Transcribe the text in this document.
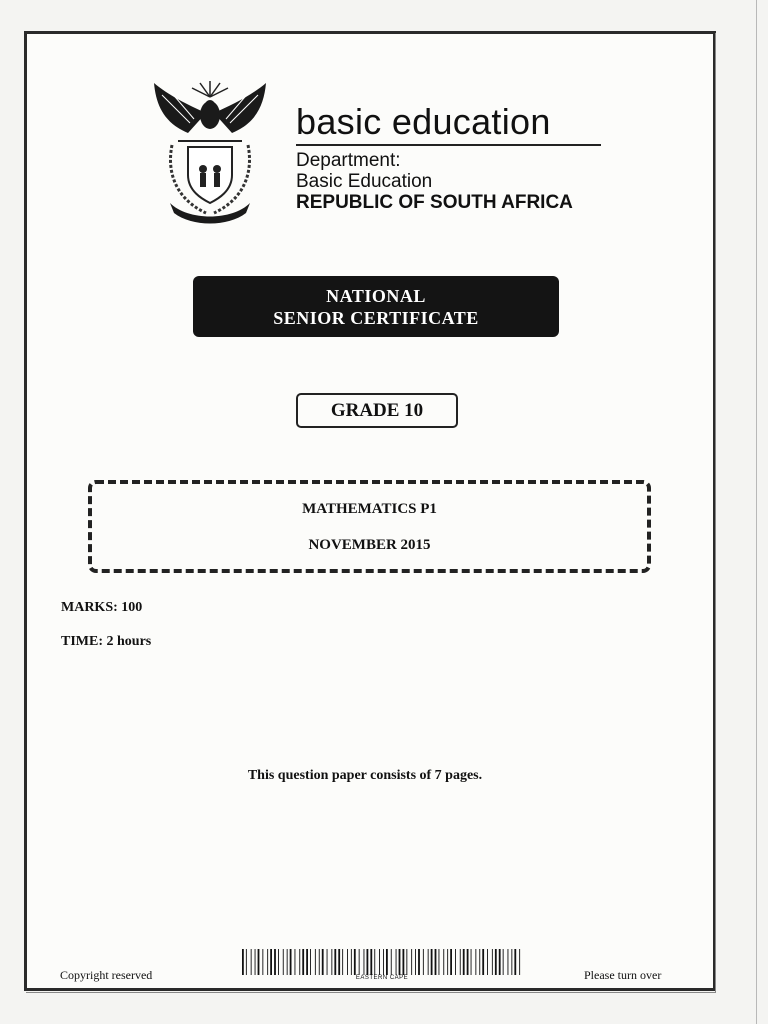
basic education
Department:
Basic Education
REPUBLIC OF SOUTH AFRICA
NATIONAL
SENIOR CERTIFICATE
GRADE 10
MATHEMATICS P1
NOVEMBER 2015
MARKS: 100
TIME: 2 hours
This question paper consists of 7 pages.
Copyright reserved	EASTERN CAPE	Please turn over
